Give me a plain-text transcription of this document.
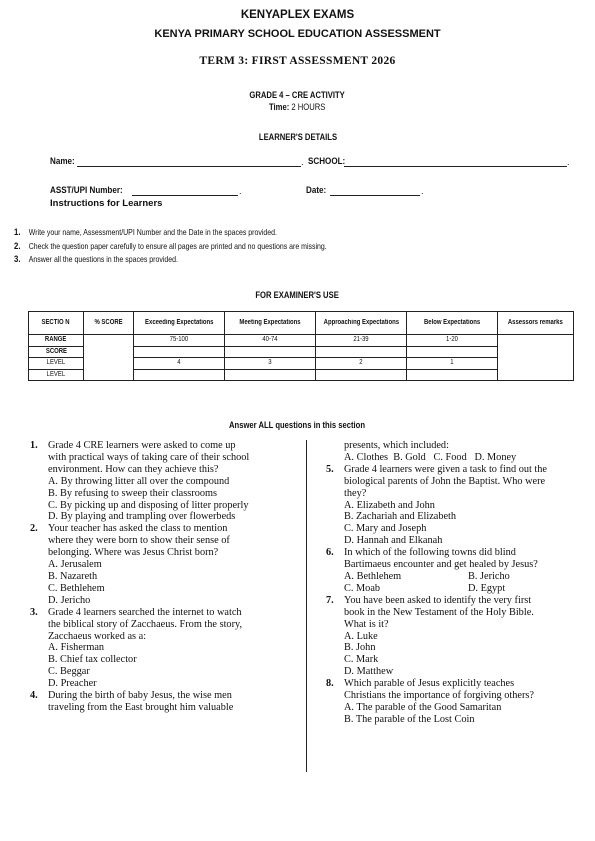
KENYAPLEX EXAMS
KENYA PRIMARY SCHOOL EDUCATION ASSESSMENT
TERM 3: FIRST ASSESSMENT 2026
GRADE 4 – CRE ACTIVITY
Time: 2 HOURS
LEARNER'S DETAILS
Name:	. SCHOOL:	.
ASST/UPI Number:	.	Date:	.
Instructions for Learners
1. Write your name, Assessment/UPI Number and the Date in the spaces provided.
2. Check the question paper carefully to ensure all pages are printed and no questions are missing.
3. Answer all the questions in the spaces provided.
FOR EXAMINER'S USE
SECTIO N	% SCORE	Exceeding Expectations	Meeting Expectations	Approaching Expectations	Below Expectations	Assessors remarks
RANGE		75-100	40-74	21-39	1-20	
SCORE						
LEVEL		4	3	2	1	
LEVEL						
Answer ALL questions in this section
1. Grade 4 CRE learners were asked to come up
with practical ways of taking care of their school
environment. How can they achieve this?
A. By throwing litter all over the compound
B. By refusing to sweep their classrooms
C. By picking up and disposing of litter properly
D. By playing and trampling over flowerbeds
2. Your teacher has asked the class to mention
where they were born to show their sense of
belonging. Where was Jesus Christ born?
A. Jerusalem
B. Nazareth
C. Bethlehem
D. Jericho
3. Grade 4 learners searched the internet to watch
the biblical story of Zacchaeus. From the story,
Zacchaeus worked as a:
A. Fisherman
B. Chief tax collector
C. Beggar
D. Preacher
4. During the birth of baby Jesus, the wise men
traveling from the East brought him valuable
presents, which included:
A. Clothes  B. Gold   C. Food   D. Money
5. Grade 4 learners were given a task to find out the
biological parents of John the Baptist. Who were
they?
A. Elizabeth and John
B. Zachariah and Elizabeth
C. Mary and Joseph
D. Hannah and Elkanah
6. In which of the following towns did blind
Bartimaeus encounter and get healed by Jesus?
A. Bethlehem	B. Jericho
C. Moab	D. Egypt
7. You have been asked to identify the very first
book in the New Testament of the Holy Bible.
What is it?
A. Luke
B. John
C. Mark
D. Matthew
8. Which parable of Jesus explicitly teaches
Christians the importance of forgiving others?
A. The parable of the Good Samaritan
B. The parable of the Lost Coin
